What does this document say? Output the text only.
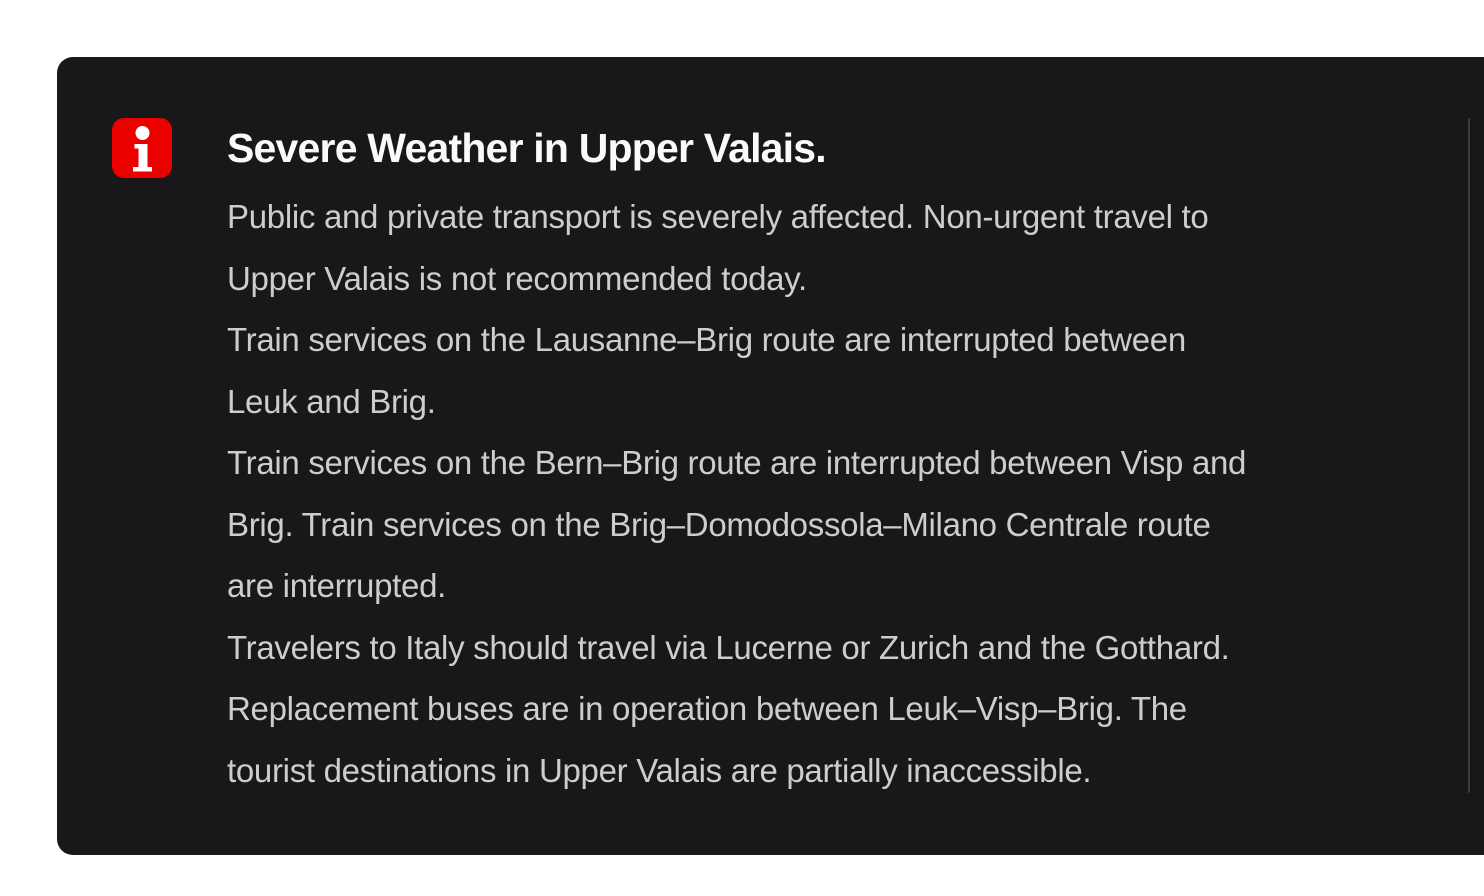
Severe Weather in Upper Valais.

Public and private transport is severely affected. Non-urgent travel to
Upper Valais is not recommended today.

Train services on the Lausanne–Brig route are interrupted between
Leuk and Brig.

Train services on the Bern–Brig route are interrupted between Visp and
Brig. Train services on the Brig–Domodossola–Milano Centrale route
are interrupted.

Travelers to Italy should travel via Lucerne or Zurich and the Gotthard.
Replacement buses are in operation between Leuk–Visp–Brig. The
tourist destinations in Upper Valais are partially inaccessible.
